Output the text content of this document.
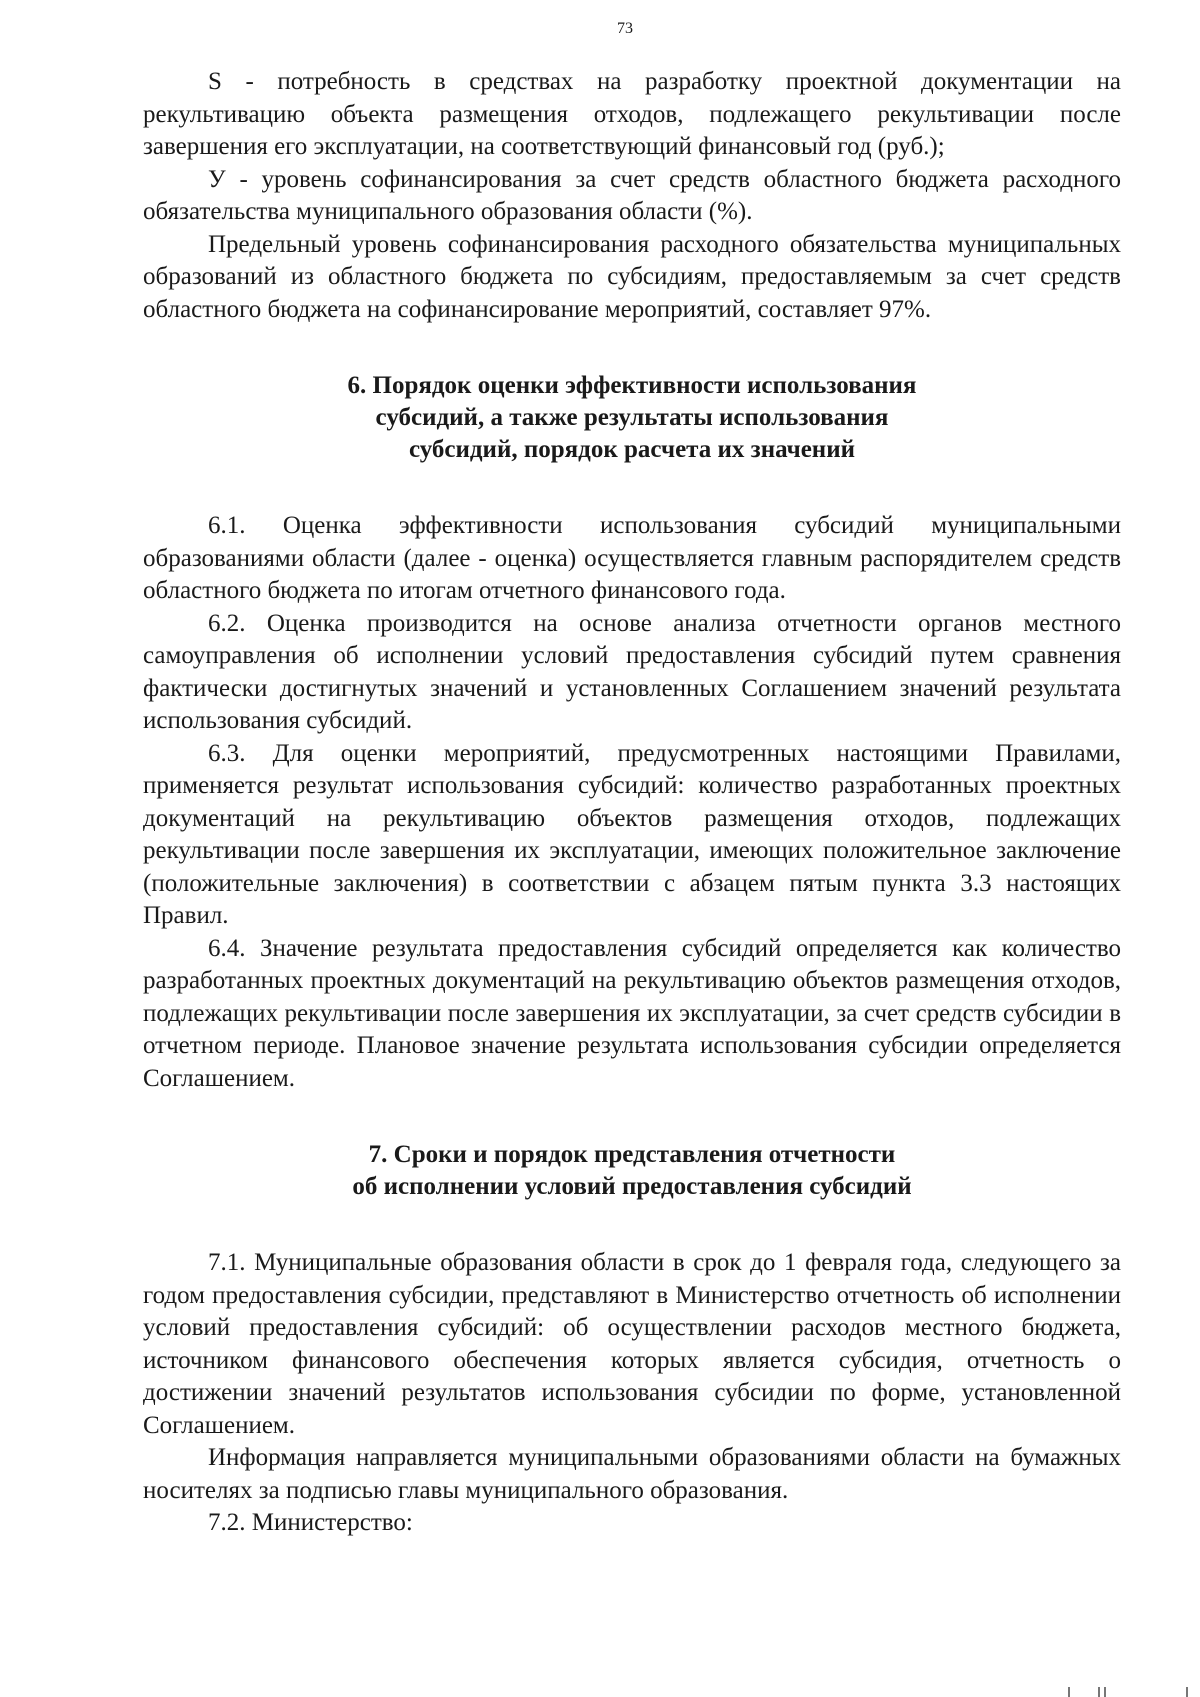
73

S - потребность в средствах на разработку проектной документации на рекультивацию объекта размещения отходов, подлежащего рекультивации после завершения его эксплуатации, на соответствующий финансовый год (руб.);

У - уровень софинансирования за счет средств областного бюджета расходного обязательства муниципального образования области (%).

Предельный уровень софинансирования расходного обязательства муниципальных образований из областного бюджета по субсидиям, предоставляемым за счет средств областного бюджета на софинансирование мероприятий, составляет 97%.

6. Порядок оценки эффективности использования
субсидий, а также результаты использования
субсидий, порядок расчета их значений

6.1. Оценка эффективности использования субсидий муниципальными образованиями области (далее - оценка) осуществляется главным распорядителем средств областного бюджета по итогам отчетного финансового года.

6.2. Оценка производится на основе анализа отчетности органов местного самоуправления об исполнении условий предоставления субсидий путем сравнения фактически достигнутых значений и установленных Соглашением значений результата использования субсидий.

6.3. Для оценки мероприятий, предусмотренных настоящими Правилами, применяется результат использования субсидий: количество разработанных проектных документаций на рекультивацию объектов размещения отходов, подлежащих рекультивации после завершения их эксплуатации, имеющих положительное заключение (положительные заключения) в соответствии с абзацем пятым пункта 3.3 настоящих Правил.

6.4. Значение результата предоставления субсидий определяется как количество разработанных проектных документаций на рекультивацию объектов размещения отходов, подлежащих рекультивации после завершения их эксплуатации, за счет средств субсидии в отчетном периоде. Плановое значение результата использования субсидии определяется Соглашением.

7. Сроки и порядок представления отчетности
об исполнении условий предоставления субсидий

7.1. Муниципальные образования области в срок до 1 февраля года, следующего за годом предоставления субсидии, представляют в Министерство отчетность об исполнении условий предоставления субсидий: об осуществлении расходов местного бюджета, источником финансового обеспечения которых является субсидия, отчетность о достижении значений результатов использования субсидии по форме, установленной Соглашением.

Информация направляется муниципальными образованиями области на бумажных носителях за подписью главы муниципального образования.

7.2. Министерство:
